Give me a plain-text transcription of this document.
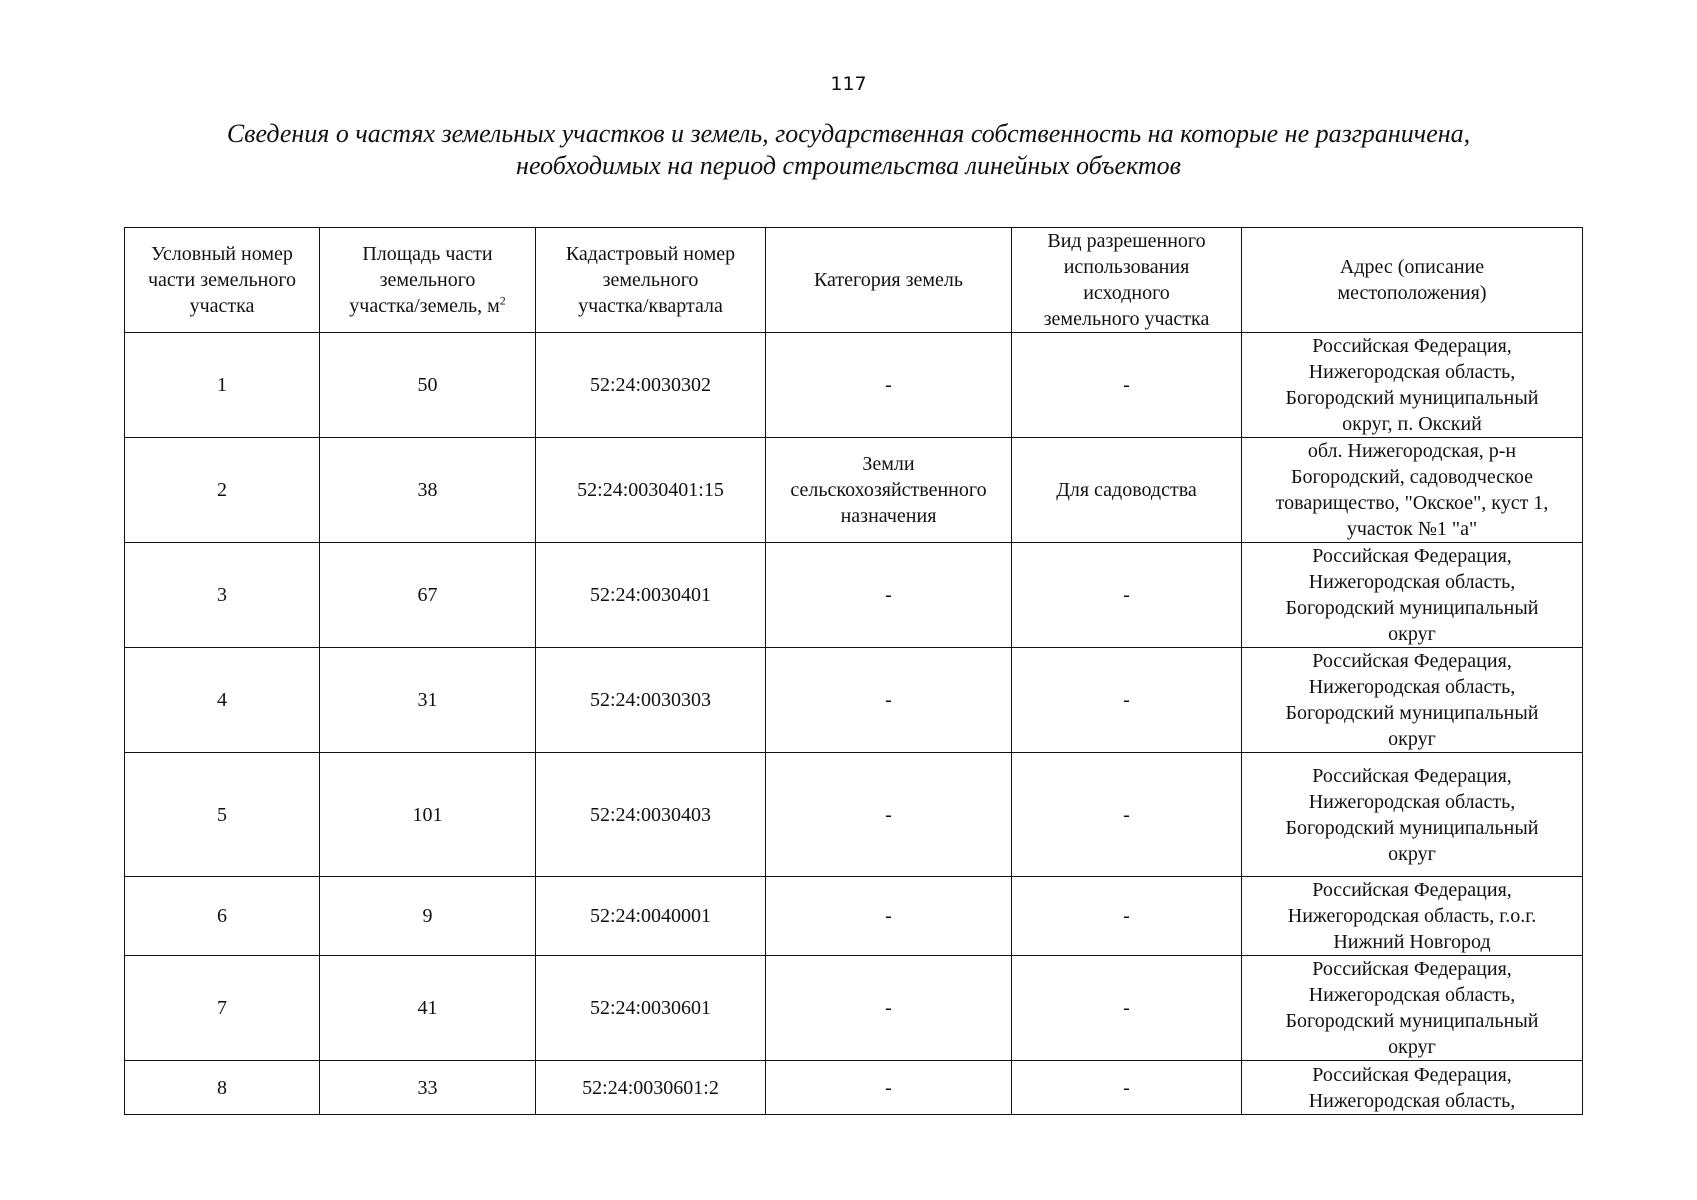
117
Сведения о частях земельных участков и земель, государственная собственность на которые не разграничена,
необходимых на период строительства линейных объектов
Условный номер
части земельного
участка	Площадь части
земельного
участка/земель, $м^2$	Кадастровый номер
земельного
участка/квартала	Категория земель	Вид разрешенного
использования
исходного
земельного участка	Адрес (описание
местоположения)
1	50	52:24:0030302	-	-	Российская Федерация,
Нижегородская область,
Богородский муниципальный
округ, п. Окский

2	38	52:24:0030401:15	Земли
сельскохозяйственного
назначения	Для садоводства	обл. Нижегородская, р-н
Богородский, садоводческое
товарищество, "Окское", куст 1,
участок №1 "а"

3	67	52:24:0030401	-	-	Российская Федерация,
Нижегородская область,
Богородский муниципальный
округ

4	31	52:24:0030303	-	-	Российская Федерация,
Нижегородская область,
Богородский муниципальный
округ

5	101	52:24:0030403	-	-	Российская Федерация,
Нижегородская область,
Богородский муниципальный
округ

6	9	52:24:0040001	-	-	Российская Федерация,
Нижегородская область, г.о.г.
Нижний Новгород

7	41	52:24:0030601	-	-	Российская Федерация,
Нижегородская область,
Богородский муниципальный
округ

8	33	52:24:0030601:2	-	-	Российская Федерация,
Нижегородская область,
